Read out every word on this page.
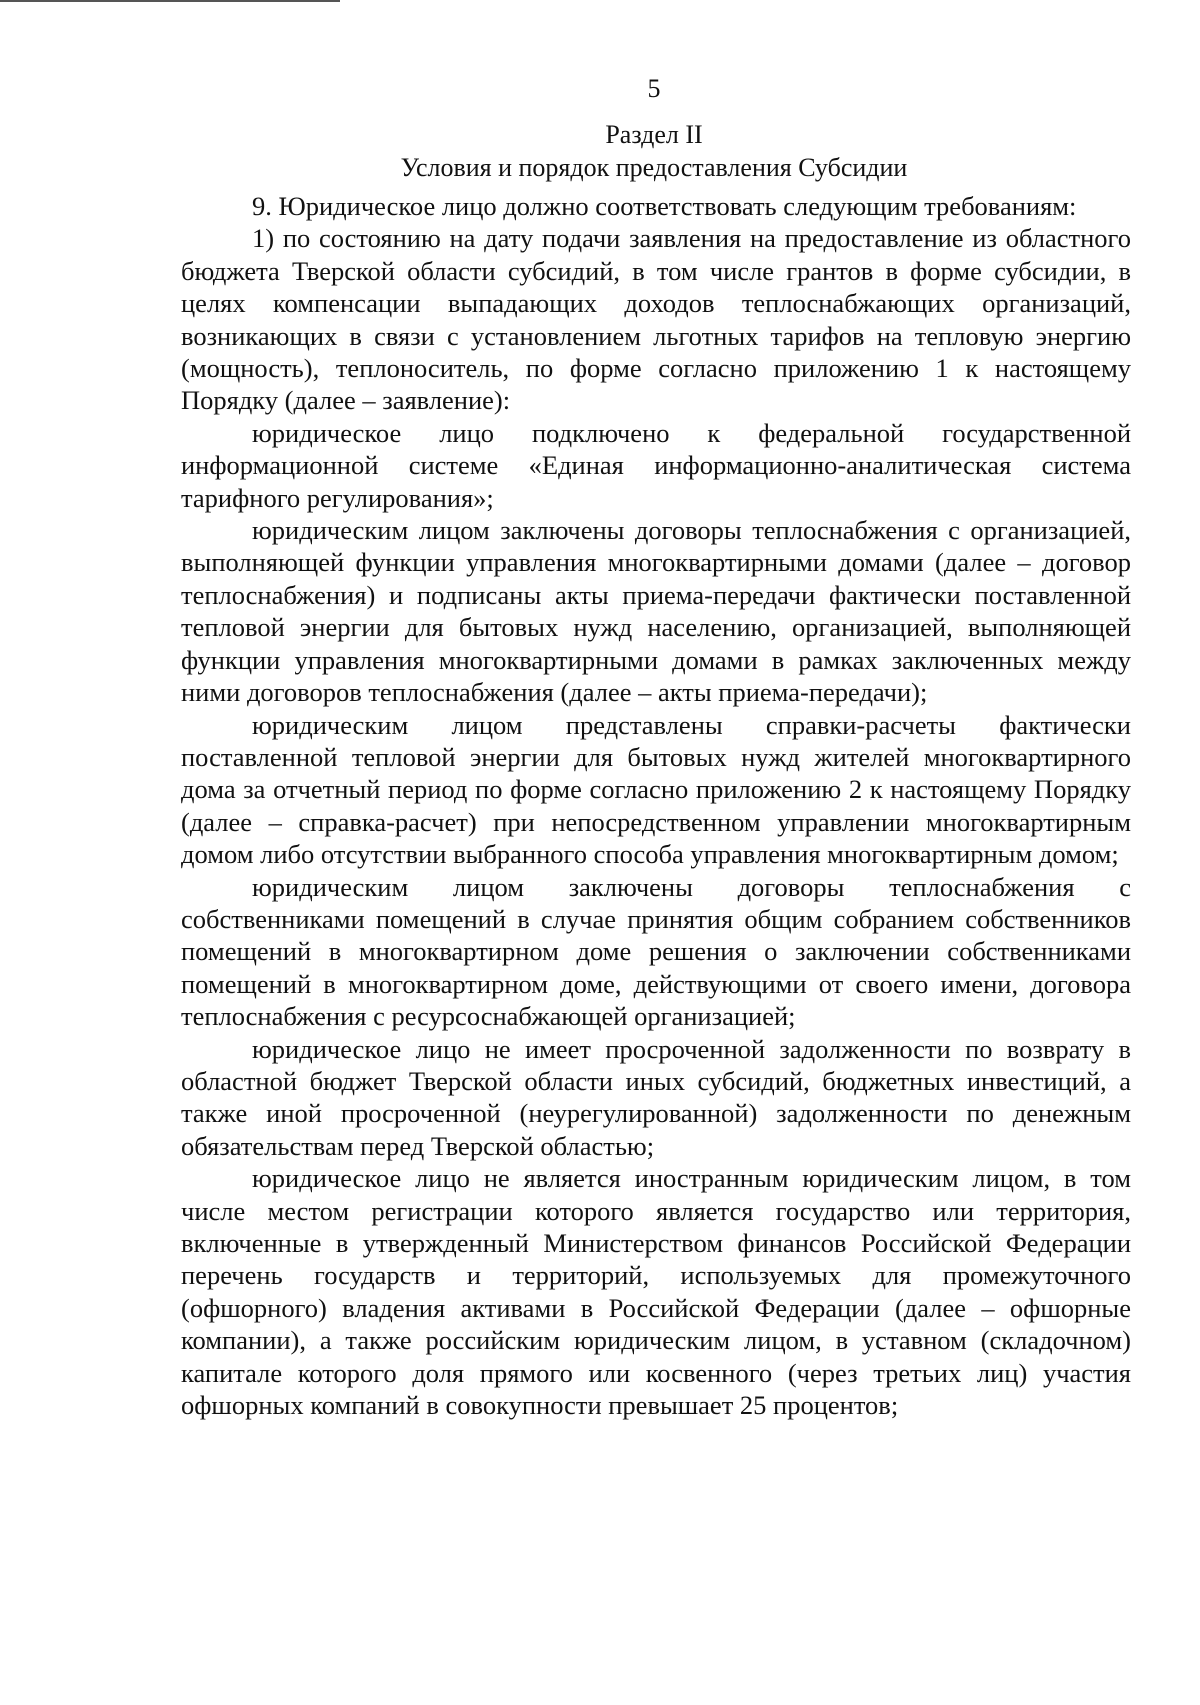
5
Раздел II
Условия и порядок предоставления Субсидии

9. Юридическое лицо должно соответствовать следующим требованиям:

1) по состоянию на дату подачи заявления на предоставление из областного бюджета Тверской области субсидий, в том числе грантов в форме субсидии, в целях компенсации выпадающих доходов теплоснабжающих организаций, возникающих в связи с установлением льготных тарифов на тепловую энергию (мощность), теплоноситель, по форме согласно приложению 1 к настоящему Порядку (далее – заявление):

юридическое лицо подключено к федеральной государственной информационной системе «Единая информационно-аналитическая система тарифного регулирования»;

юридическим лицом заключены договоры теплоснабжения с организацией, выполняющей функции управления многоквартирными домами (далее – договор теплоснабжения) и подписаны акты приема-передачи фактически поставленной тепловой энергии для бытовых нужд населению, организацией, выполняющей функции управления многоквартирными домами в рамках заключенных между ними договоров теплоснабжения (далее – акты приема-передачи);

юридическим лицом представлены справки-расчеты фактически поставленной тепловой энергии для бытовых нужд жителей многоквартирного дома за отчетный период по форме согласно приложению 2 к настоящему Порядку (далее – справка-расчет) при непосредственном управлении многоквартирным домом либо отсутствии выбранного способа управления многоквартирным домом;

юридическим лицом заключены договоры теплоснабжения с собственниками помещений в случае принятия общим собранием собственников помещений в многоквартирном доме решения о заключении собственниками помещений в многоквартирном доме, действующими от своего имени, договора теплоснабжения с ресурсоснабжающей организацией;

юридическое лицо не имеет просроченной задолженности по возврату в областной бюджет Тверской области иных субсидий, бюджетных инвестиций, а также иной просроченной (неурегулированной) задолженности по денежным обязательствам перед Тверской областью;

юридическое лицо не является иностранным юридическим лицом, в том числе местом регистрации которого является государство или территория, включенные в утвержденный Министерством финансов Российской Федерации перечень государств и территорий, используемых для промежуточного (офшорного) владения активами в Российской Федерации (далее – офшорные компании), а также российским юридическим лицом, в уставном (складочном) капитале которого доля прямого или косвенного (через третьих лиц) участия офшорных компаний в совокупности превышает 25 процентов;
